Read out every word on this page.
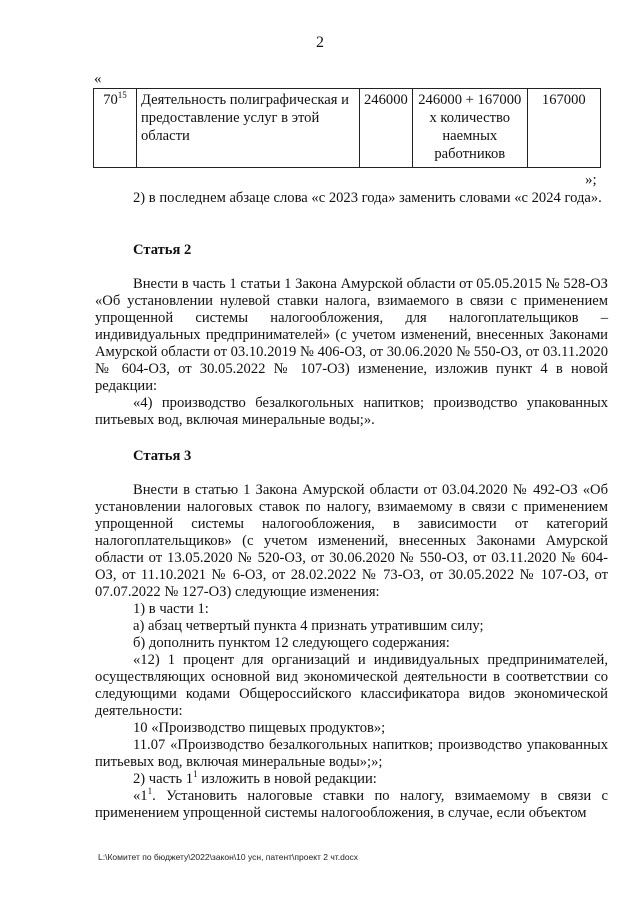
2
«
$70^{15}$	Деятельность полиграфическая и предоставление услуг в этой области	246000	246000 + 167000 х количество наемных работников	167000
»;

2) в последнем абзаце слова «с 2023 года» заменить словами «с 2024 года».

Статья 2

Внести в часть 1 статьи 1 Закона Амурской области от 05.05.2015 № 528-ОЗ «Об установлении нулевой ставки налога, взимаемого в связи с применением упрощенной системы налогообложения, для налогоплательщиков – индивидуальных предпринимателей» (с учетом изменений, внесенных Законами Амурской области от 03.10.2019 № 406-ОЗ, от 30.06.2020 № 550-ОЗ, от 03.11.2020 № 604-ОЗ, от 30.05.2022 № 107-ОЗ) изменение, изложив пункт 4 в новой редакции:

«4) производство безалкогольных напитков; производство упакованных питьевых вод, включая минеральные воды;».

Статья 3

Внести в статью 1 Закона Амурской области от 03.04.2020 № 492-ОЗ «Об установлении налоговых ставок по налогу, взимаемому в связи с применением упрощенной системы налогообложения, в зависимости от категорий налогоплательщиков» (с учетом изменений, внесенных Законами Амурской области от 13.05.2020 № 520-ОЗ, от 30.06.2020 № 550-ОЗ, от 03.11.2020 № 604-ОЗ, от 11.10.2021 № 6-ОЗ, от 28.02.2022 № 73-ОЗ, от 30.05.2022 № 107-ОЗ, от 07.07.2022 № 127-ОЗ) следующие изменения:

1) в части 1:

а) абзац четвертый пункта 4 признать утратившим силу;

б) дополнить пунктом 12 следующего содержания:

«12) 1 процент для организаций и индивидуальных предпринимателей, осуществляющих основной вид экономической деятельности в соответствии со следующими кодами Общероссийского классификатора видов экономической деятельности:

10 «Производство пищевых продуктов»;

11.07 «Производство безалкогольных напитков; производство упакованных питьевых вод, включая минеральные воды»;»;

2) часть $1^1$ изложить в новой редакции:

«$1^1$. Установить налоговые ставки по налогу, взимаемому в связи с применением упрощенной системы налогообложения, в случае, если объектом

L:\Комитет по бюджету\2022\закон\10 усн, патент\проект 2 чт.docx
